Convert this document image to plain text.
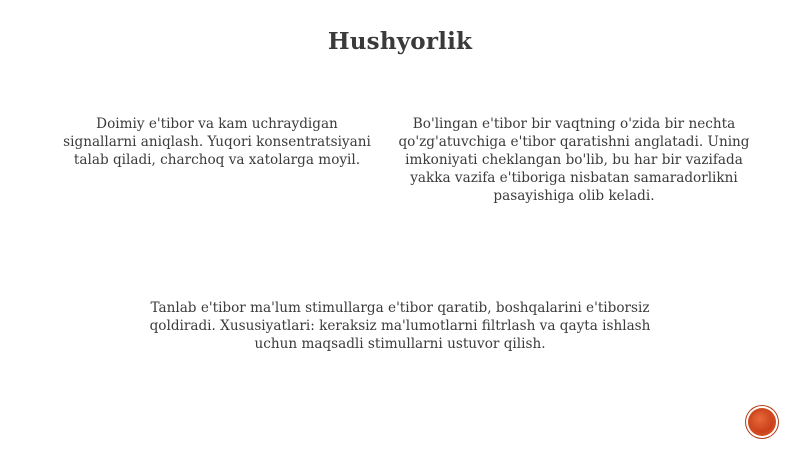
Hushyorlik
Doimiy e'tibor va kam uchraydigan signallarni aniqlash. Yuqori konsentratsiyani talab qiladi, charchoq va xatolarga moyil.
Bo'lingan e'tibor bir vaqtning o'zida bir nechta qo'zg'atuvchiga e'tibor qaratishni anglatadi. Uning imkoniyati cheklangan bo'lib, bu har bir vazifada yakka vazifa e'tiboriga nisbatan samaradorlikni pasayishiga olib keladi.
Tanlab e'tibor ma'lum stimullarga e'tibor qaratib, boshqalarini e'tiborsiz qoldiradi. Xususiyatlari: keraksiz ma'lumotlarni filtrlash va qayta ishlash uchun maqsadli stimullarni ustuvor qilish.
